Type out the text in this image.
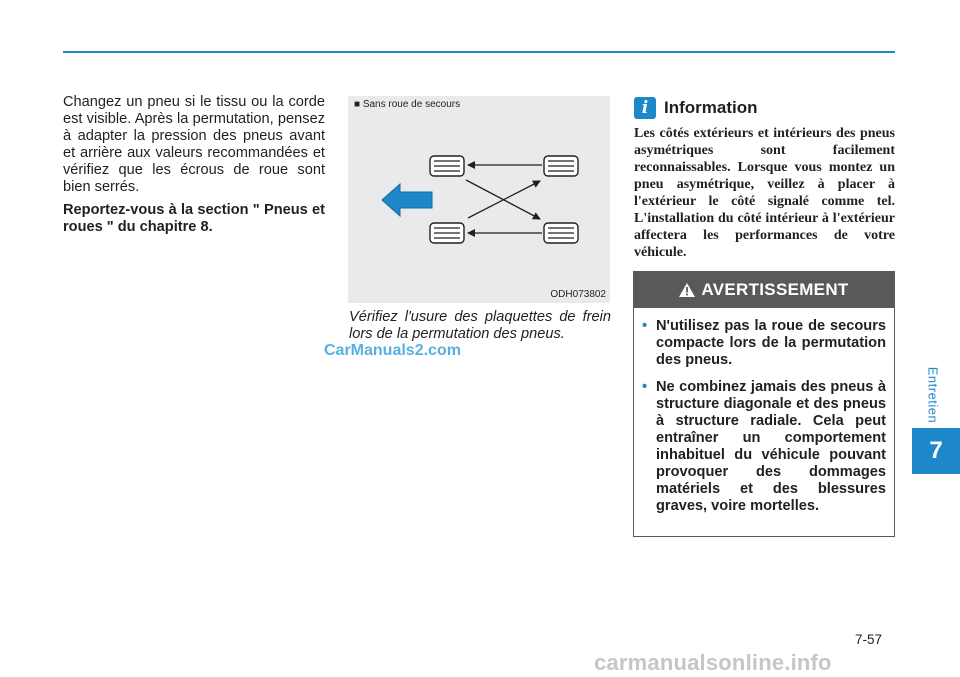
Changez un pneu si le tissu ou la corde est visible. Après la permutation, pensez à adapter la pression des pneus avant et arrière aux valeurs recommandées et vérifiez que les écrous de roue sont bien serrés.

Reportez-vous à la section " Pneus et roues " du chapitre 8.

■ Sans roue de secours
ODH073802
Vérifiez l'usure des plaquettes de frein lors de la permutation des pneus.
CarManuals2.com
i Information
Les côtés extérieurs et intérieurs des pneus asymétriques sont facilement reconnaissables. Lorsque vous montez un pneu asymétrique, veillez à placer à l'extérieur le côté signalé comme tel. L'installation du côté intérieur à l'extérieur affectera les performances de votre véhicule.
AVERTISSEMENT
• N'utilisez pas la roue de secours compacte lors de la permutation des pneus.
• Ne combinez jamais des pneus à structure diagonale et des pneus à structure radiale. Cela peut entraîner un comportement inhabituel du véhicule pouvant provoquer des dommages matériels et des blessures graves, voire mortelles.
Entretien
7
7-57
carmanualsonline.info
